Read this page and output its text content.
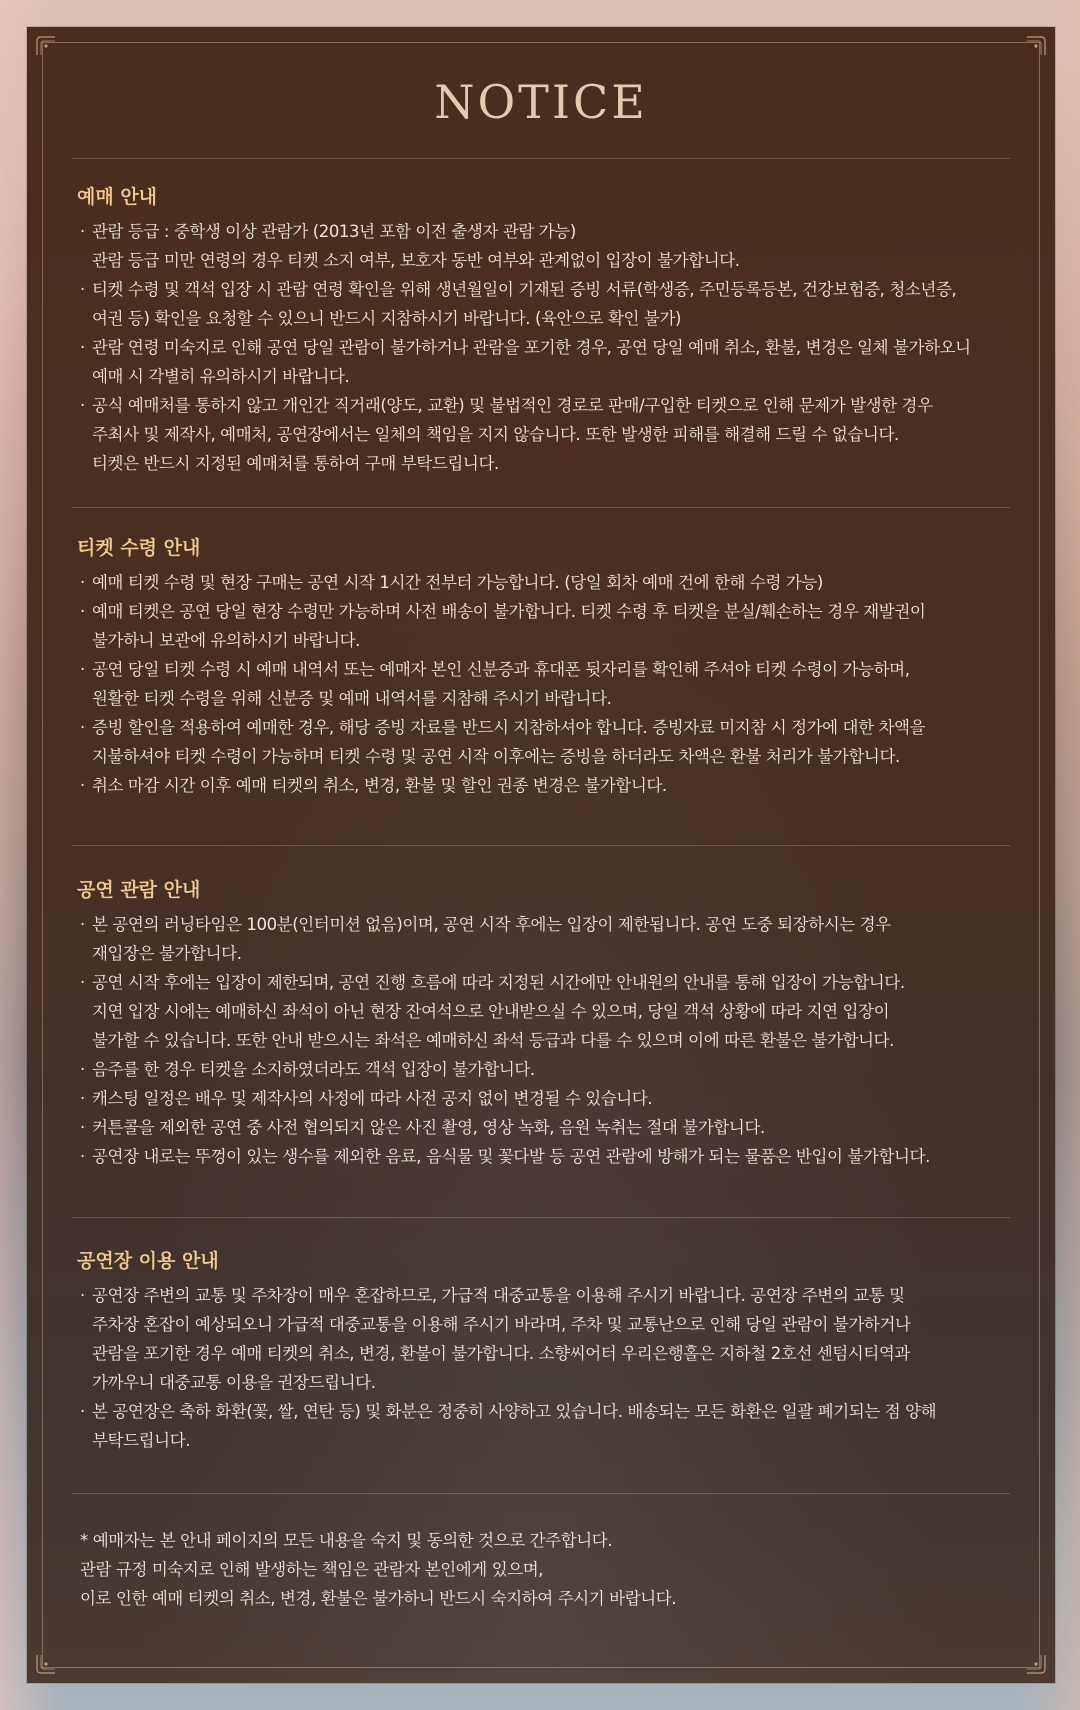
NOTICE
예매 안내
· 관람 등급 : 중학생 이상 관람가 (2013년 포함 이전 출생자 관람 가능)
관람 등급 미만 연령의 경우 티켓 소지 여부, 보호자 동반 여부와 관계없이 입장이 불가합니다.
· 티켓 수령 및 객석 입장 시 관람 연령 확인을 위해 생년월일이 기재된 증빙 서류(학생증, 주민등록등본, 건강보험증, 청소년증,
여권 등) 확인을 요청할 수 있으니 반드시 지참하시기 바랍니다. (육안으로 확인 불가)
· 관람 연령 미숙지로 인해 공연 당일 관람이 불가하거나 관람을 포기한 경우, 공연 당일 예매 취소, 환불, 변경은 일체 불가하오니
예매 시 각별히 유의하시기 바랍니다.
· 공식 예매처를 통하지 않고 개인간 직거래(양도, 교환) 및 불법적인 경로로 판매/구입한 티켓으로 인해 문제가 발생한 경우
주최사 및 제작사, 예매처, 공연장에서는 일체의 책임을 지지 않습니다. 또한 발생한 피해를 해결해 드릴 수 없습니다.
티켓은 반드시 지정된 예매처를 통하여 구매 부탁드립니다.
티켓 수령 안내
· 예매 티켓 수령 및 현장 구매는 공연 시작 1시간 전부터 가능합니다. (당일 회차 예매 건에 한해 수령 가능)
· 예매 티켓은 공연 당일 현장 수령만 가능하며 사전 배송이 불가합니다. 티켓 수령 후 티켓을 분실/훼손하는 경우 재발권이
불가하니 보관에 유의하시기 바랍니다.
· 공연 당일 티켓 수령 시 예매 내역서 또는 예매자 본인 신분증과 휴대폰 뒷자리를 확인해 주셔야 티켓 수령이 가능하며,
원활한 티켓 수령을 위해 신분증 및 예매 내역서를 지참해 주시기 바랍니다.
· 증빙 할인을 적용하여 예매한 경우, 해당 증빙 자료를 반드시 지참하셔야 합니다. 증빙자료 미지참 시 정가에 대한 차액을
지불하셔야 티켓 수령이 가능하며 티켓 수령 및 공연 시작 이후에는 증빙을 하더라도 차액은 환불 처리가 불가합니다.
· 취소 마감 시간 이후 예매 티켓의 취소, 변경, 환불 및 할인 권종 변경은 불가합니다.
공연 관람 안내
· 본 공연의 러닝타임은 100분(인터미션 없음)이며, 공연 시작 후에는 입장이 제한됩니다. 공연 도중 퇴장하시는 경우
재입장은 불가합니다.
· 공연 시작 후에는 입장이 제한되며, 공연 진행 흐름에 따라 지정된 시간에만 안내원의 안내를 통해 입장이 가능합니다.
지연 입장 시에는 예매하신 좌석이 아닌 현장 잔여석으로 안내받으실 수 있으며, 당일 객석 상황에 따라 지연 입장이
불가할 수 있습니다. 또한 안내 받으시는 좌석은 예매하신 좌석 등급과 다를 수 있으며 이에 따른 환불은 불가합니다.
· 음주를 한 경우 티켓을 소지하였더라도 객석 입장이 불가합니다.
· 캐스팅 일정은 배우 및 제작사의 사정에 따라 사전 공지 없이 변경될 수 있습니다.
· 커튼콜을 제외한 공연 중 사전 협의되지 않은 사진 촬영, 영상 녹화, 음원 녹취는 절대 불가합니다.
· 공연장 내로는 뚜껑이 있는 생수를 제외한 음료, 음식물 및 꽃다발 등 공연 관람에 방해가 되는 물품은 반입이 불가합니다.
공연장 이용 안내
· 공연장 주변의 교통 및 주차장이 매우 혼잡하므로, 가급적 대중교통을 이용해 주시기 바랍니다. 공연장 주변의 교통 및
주차장 혼잡이 예상되오니 가급적 대중교통을 이용해 주시기 바라며, 주차 및 교통난으로 인해 당일 관람이 불가하거나
관람을 포기한 경우 예매 티켓의 취소, 변경, 환불이 불가합니다. 소향씨어터 우리은행홀은 지하철 2호선 센텀시티역과
가까우니 대중교통 이용을 권장드립니다.
· 본 공연장은 축하 화환(꽃, 쌀, 연탄 등) 및 화분은 정중히 사양하고 있습니다. 배송되는 모든 화환은 일괄 폐기되는 점 양해
부탁드립니다.

* 예매자는 본 안내 페이지의 모든 내용을 숙지 및 동의한 것으로 간주합니다.
관람 규정 미숙지로 인해 발생하는 책임은 관람자 본인에게 있으며,
이로 인한 예매 티켓의 취소, 변경, 환불은 불가하니 반드시 숙지하여 주시기 바랍니다.
